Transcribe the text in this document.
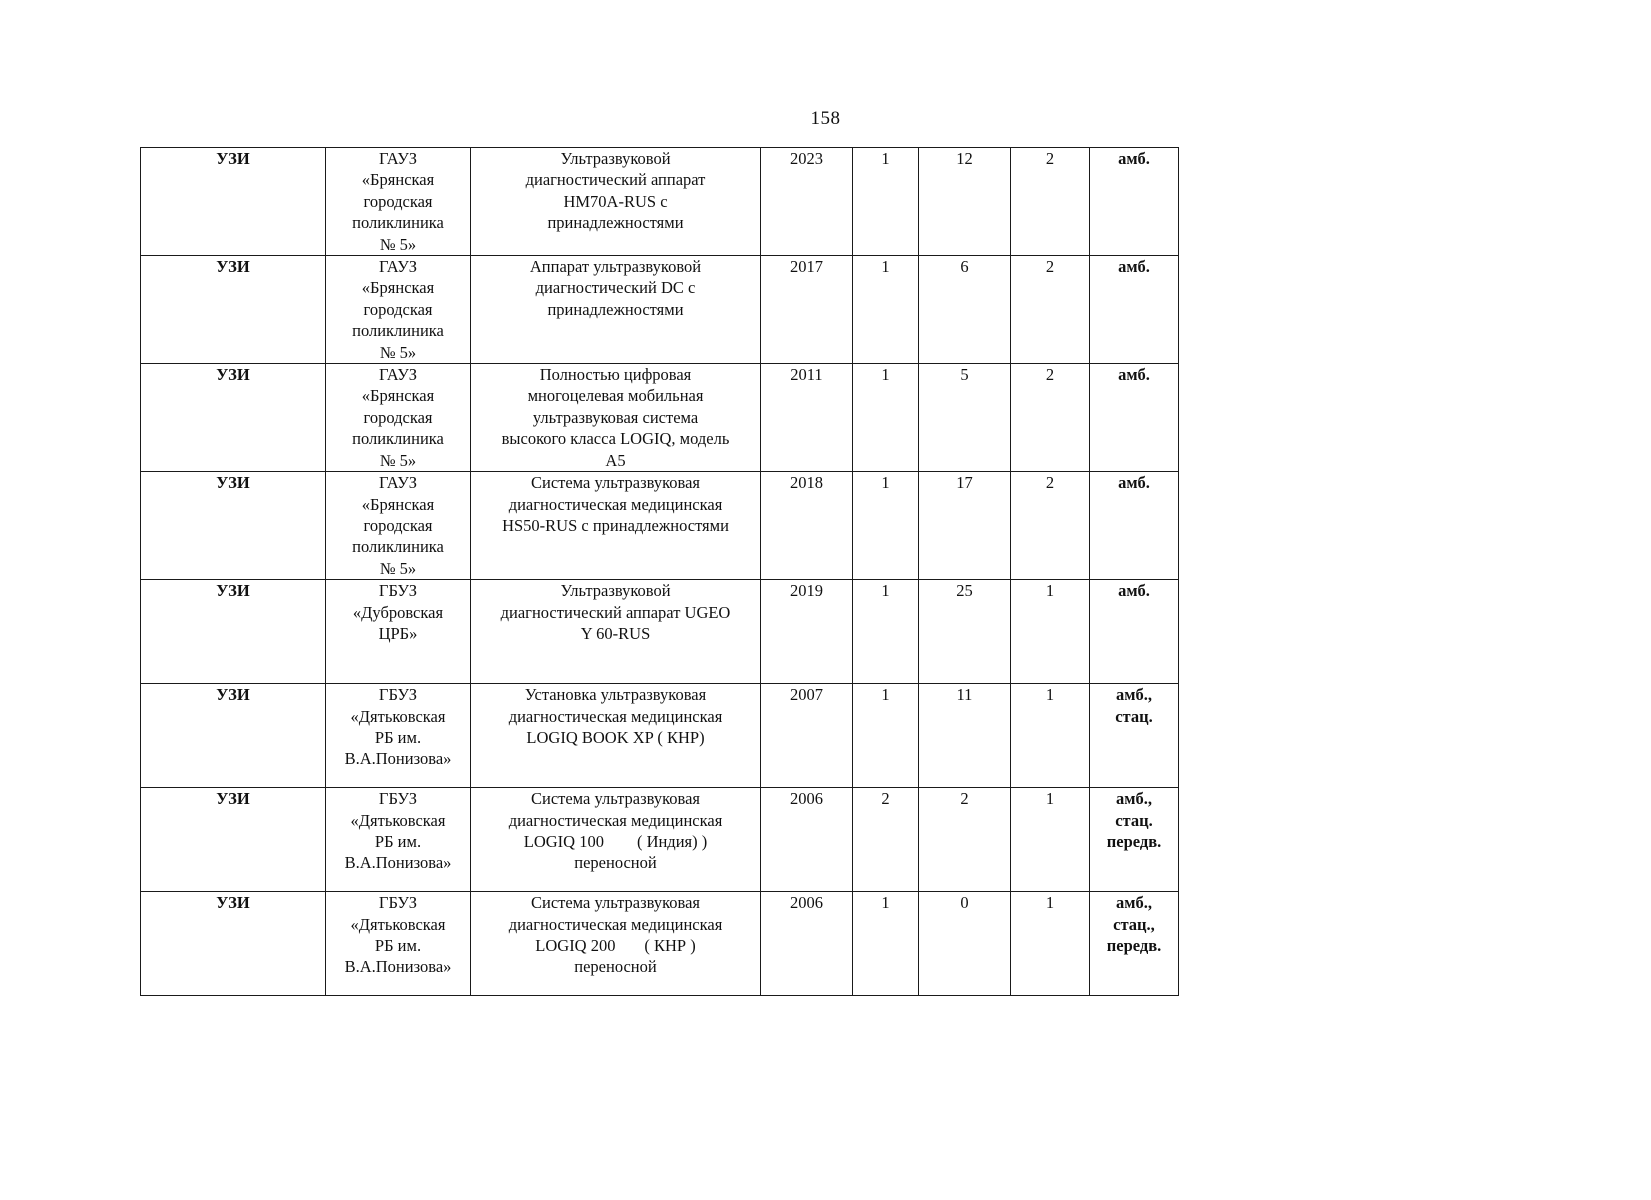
158
УЗИ	ГАУЗ
«Брянская
городская
поликлиника
№ 5»	Ультразвуковой
диагностический аппарат
HM70A-RUS с
принадлежностями	2023	1	12	2	амб.

УЗИ	ГАУЗ
«Брянская
городская
поликлиника
№ 5»	Аппарат ультразвуковой
диагностический DC с
принадлежностями	2017	1	6	2	амб.

УЗИ	ГАУЗ
«Брянская
городская
поликлиника
№ 5»	Полностью цифровая
многоцелевая мобильная
ультразвуковая система
высокого класса LOGIQ, модель
A5	2011	1	5	2	амб.

УЗИ	ГАУЗ
«Брянская
городская
поликлиника
№ 5»	Система ультразвуковая
диагностическая медицинская
HS50-RUS с принадлежностями	2018	1	17	2	амб.

УЗИ	ГБУЗ
«Дубровская
ЦРБ»	Ультразвуковой
диагностический аппарат UGEO
Y 60-RUS	2019	1	25	1	амб.

УЗИ	ГБУЗ
«Дятьковская
РБ им.
В.А.Понизова»	Установка ультразвуковая
диагностическая медицинская
LOGIQ BOOK XP ( КНР)	2007	1	11	1	амб.,
стац.

УЗИ	ГБУЗ
«Дятьковская
РБ им.
В.А.Понизова»	Система ультразвуковая
диагностическая медицинская
LOGIQ 100        ( Индия) )
переносной	2006	2	2	1	амб.,
стац.
передв.

УЗИ	ГБУЗ
«Дятьковская
РБ им.
В.А.Понизова»	Система ультразвуковая
диагностическая медицинская
LOGIQ 200       ( КНР )
переносной	2006	1	0	1	амб.,
стац.,
передв.
